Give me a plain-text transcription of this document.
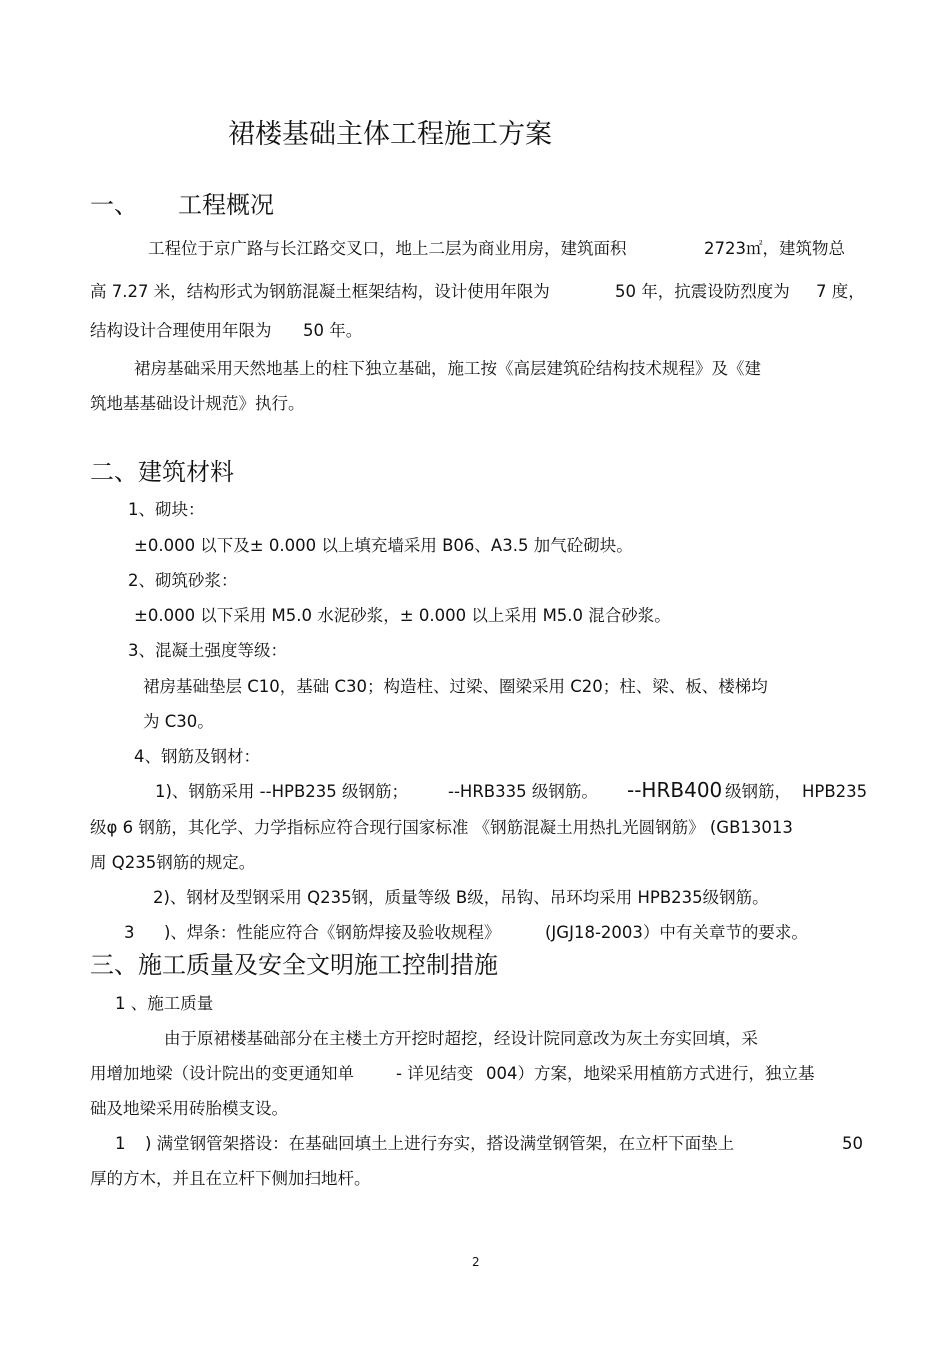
裙楼基础主体工程施工方案
一、 工程概况
工程位于京广路与长江路交叉口，地上二层为商业用房，建筑面积	2723㎡，建筑物总
高 7.27 米，结构形式为钢筋混凝土框架结构，设计使用年限为	50 年，抗震设防烈度为 7 度，
结构设计合理使用年限为 50 年。
裙房基础采用天然地基上的柱下独立基础，施工按《高层建筑砼结构技术规程》及《建
筑地基基础设计规范》执行。
二、建筑材料
1、砌块：
±0.000 以下及± 0.000 以上填充墙采用 B06、A3.5 加气砼砌块。
2、砌筑砂浆：
±0.000 以下采用 M5.0 水泥砂浆，± 0.000 以上采用 M5.0 混合砂浆。
3、混凝土强度等级：
裙房基础垫层 C10，基础 C30；构造柱、过梁、圈梁采用 C20；柱、梁、板、楼梯均
为 C30。
4、钢筋及钢材：
1)、钢筋采用 --HPB235 级钢筋； --HRB335 级钢筋。 --HRB400 级钢筋， HPB235
级φ 6 钢筋，其化学、力学指标应符合现行国家标准 《钢筋混凝土用热扎光圆钢筋》 (GB13013
周 Q235钢筋的规定。
2)、钢材及型钢采用 Q235钢，质量等级 B级，吊钩、吊环均采用 HPB235级钢筋。
3 )、焊条：性能应符合《钢筋焊接及验收规程》	(JGJ18-2003）中有关章节的要求。
三、施工质量及安全文明施工控制措施
1 、施工质量
由于原裙楼基础部分在主楼土方开挖时超挖，经设计院同意改为灰土夯实回填，采
用增加地梁（设计院出的变更通知单	- 详见结变 004）方案，地梁采用植筋方式进行，独立基
础及地梁采用砖胎模支设。
1 ) 满堂钢管架搭设：在基础回填土上进行夯实，搭设满堂钢管架，在立杆下面垫上	50
厚的方木，并且在立杆下侧加扫地杆。
2
